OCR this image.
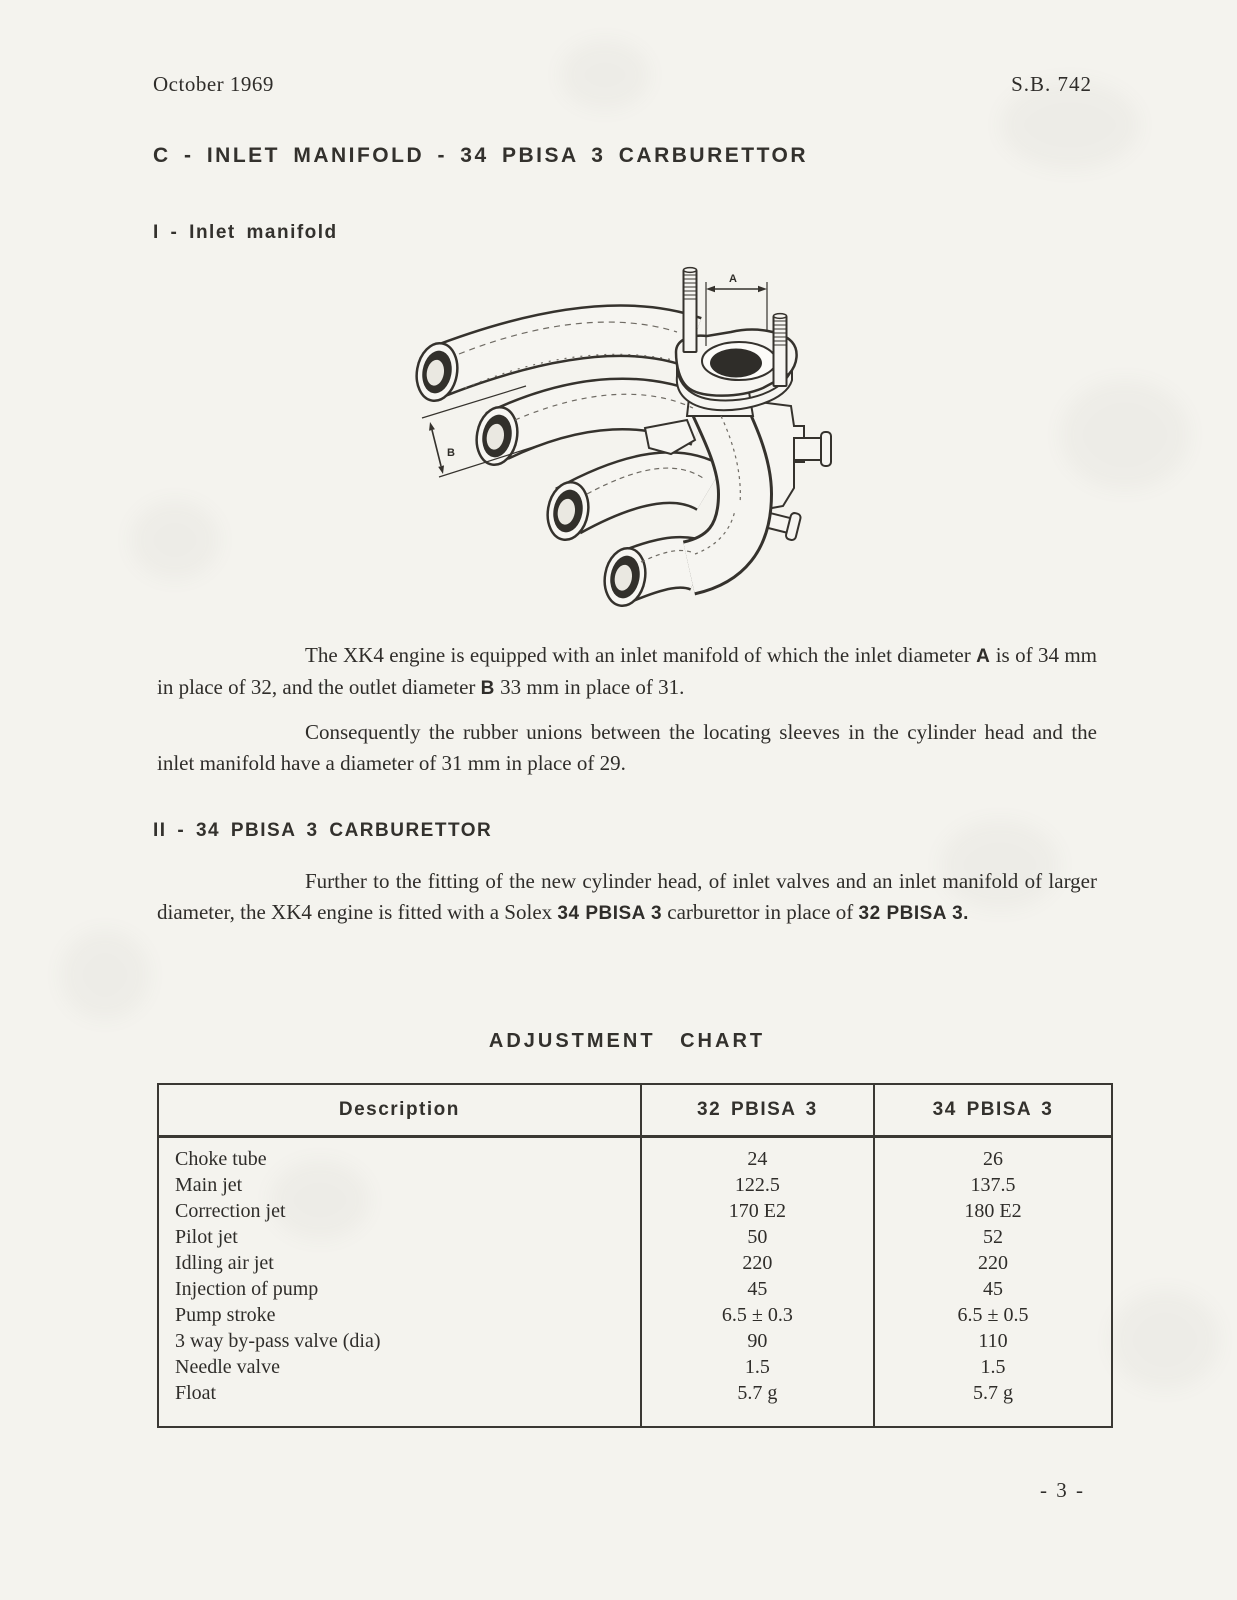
October 1969	S.B. 742
C - INLET MANIFOLD - 34 PBISA 3 CARBURETTOR
I - Inlet manifold
A
B

The XK4 engine is equipped with an inlet manifold of which the inlet diameter A is of 34 mm in place of 32, and the outlet diameter B 33 mm in place of 31.

Consequently the rubber unions between the locating sleeves in the cylinder head and the inlet manifold have a diameter of 31 mm in place of 29.

II - 34 PBISA 3 CARBURETTOR

Further to the fitting of the new cylinder head, of inlet valves and an inlet manifold of larger diameter, the XK4 engine is fitted with a Solex 34 PBISA 3 carburettor in place of 32 PBISA 3.

ADJUSTMENT CHART
Description
Choke tube
Main jet
Correction jet
Pilot jet
Idling air jet
Injection of pump
Pump stroke
3 way by-pass valve (dia)
Needle valve
Float
32 PBISA 3
24
122.5
170 E2
50
220
45
6.5 ± 0.3
90
1.5
5.7 g
34 PBISA 3
26
137.5
180 E2
52
220
45
6.5 ± 0.5
110
1.5
5.7 g
- 3 -
